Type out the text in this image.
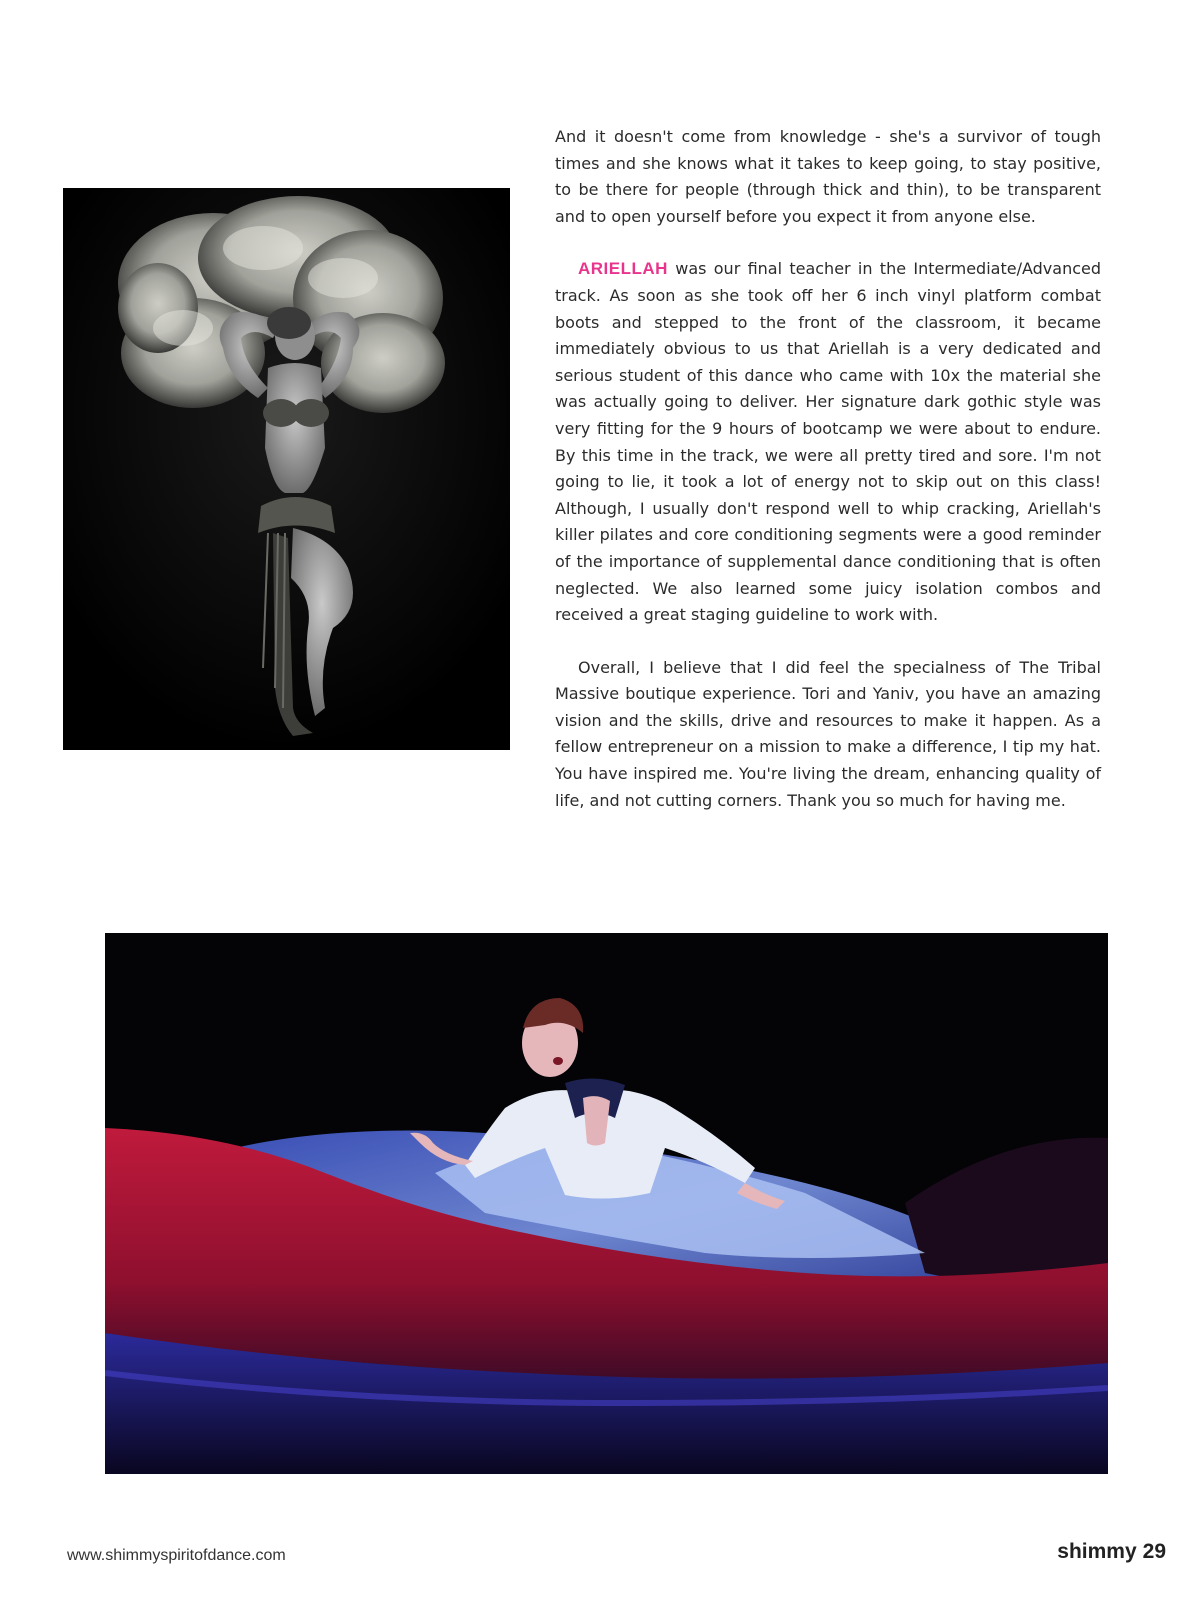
And it doesn't come from knowledge - she's a survivor of tough times and she knows what it takes to keep going, to stay positive, to be there for people (through thick and thin), to be transparent and to open yourself before you expect it from anyone else.

ARIELLAH was our final teacher in the Intermediate/Advanced track. As soon as she took off her 6 inch vinyl platform combat boots and stepped to the front of the classroom, it became immediately obvious to us that Ariellah is a very dedicated and serious student of this dance who came with 10x the material she was actually going to deliver. Her signature dark gothic style was very fitting for the 9 hours of bootcamp we were about to endure. By this time in the track, we were all pretty tired and sore. I'm not going to lie, it took a lot of energy not to skip out on this class! Although, I usually don't respond well to whip cracking, Ariellah's killer pilates and core conditioning segments were a good reminder of the importance of supplemental dance conditioning that is often neglected. We also learned some juicy isolation combos and received a great staging guideline to work with.

Overall, I believe that I did feel the specialness of The Tribal Massive boutique experience. Tori and Yaniv, you have an amazing vision and the skills, drive and resources to make it happen. As a fellow entrepreneur on a mission to make a difference, I tip my hat. You have inspired me. You're living the dream, enhancing quality of life, and not cutting corners. Thank you so much for having me.

www.shimmyspiritofdance.com	shimmy 29
